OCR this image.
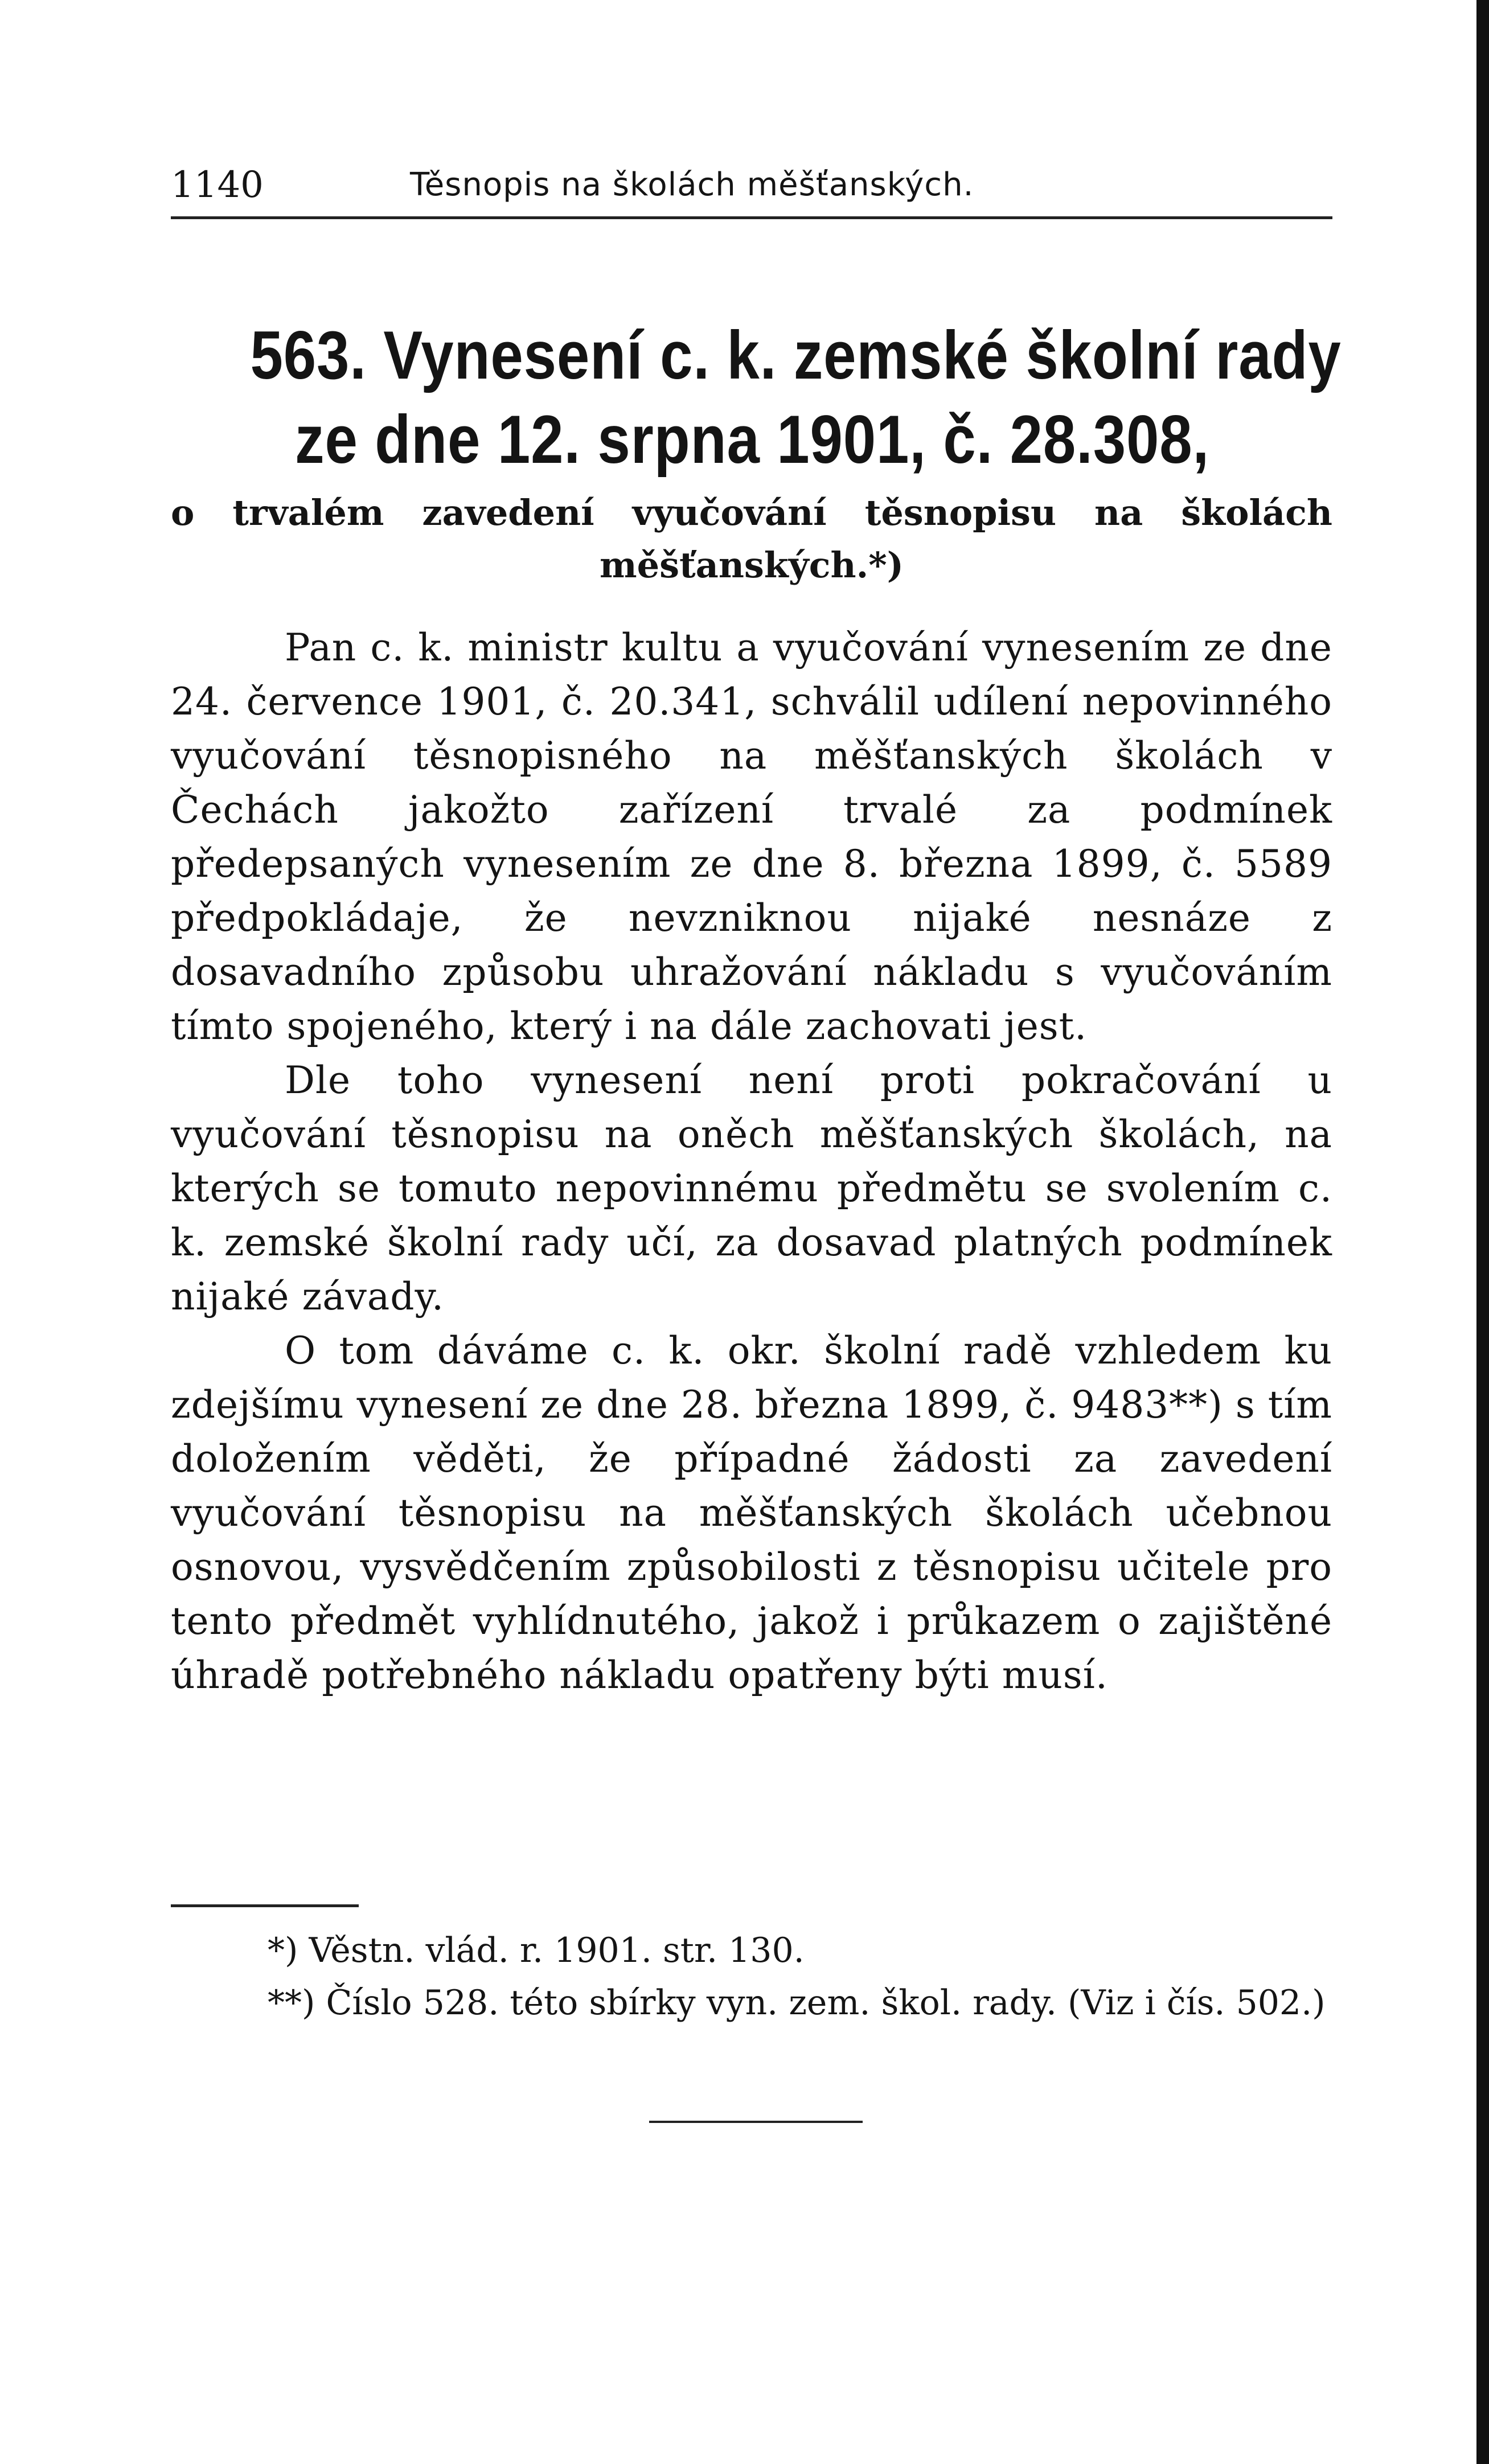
1140	Těsnopis na školách měšťanských.
563. Vynesení c. k. zemské školní rady
ze dne 12. srpna 1901, č. 28.308,
o trvalém zavedení vyučování těsnopisu na školách měšťanských.*)

Pan c. k. ministr kultu a vyučování vynesením ze dne 24. července 1901, č. 20.341, schválil udílení nepovinného vyučování těsnopisného na měšťanských školách v Čechách jakožto zařízení trvalé za podmínek předepsaných vynesením ze dne 8. března 1899, č. 5589 předpokládaje, že nevzniknou nijaké nesnáze z dosavadního způsobu uhražování nákladu s vyučováním tímto spojeného, který i na dále zachovati jest.

Dle toho vynesení není proti pokračování u vyučování těsnopisu na oněch měšťanských školách, na kterých se tomuto nepovinnému předmětu se svolením c. k. zemské školní rady učí, za dosavad platných podmínek nijaké závady.

O tom dáváme c. k. okr. školní radě vzhledem ku zdejšímu vynesení ze dne 28. března 1899, č. 9483**) s tím doložením věděti, že případné žádosti za zavedení vyučování těsnopisu na měšťanských školách učebnou osnovou, vysvědčením způsobilosti z těsnopisu učitele pro tento předmět vyhlídnutého, jakož i průkazem o zajištěné úhradě potřebného nákladu opatřeny býti musí.

*) Věstn. vlád. r. 1901. str. 130.

**) Číslo 528. této sbírky vyn. zem. škol. rady. (Viz i čís. 502.)
